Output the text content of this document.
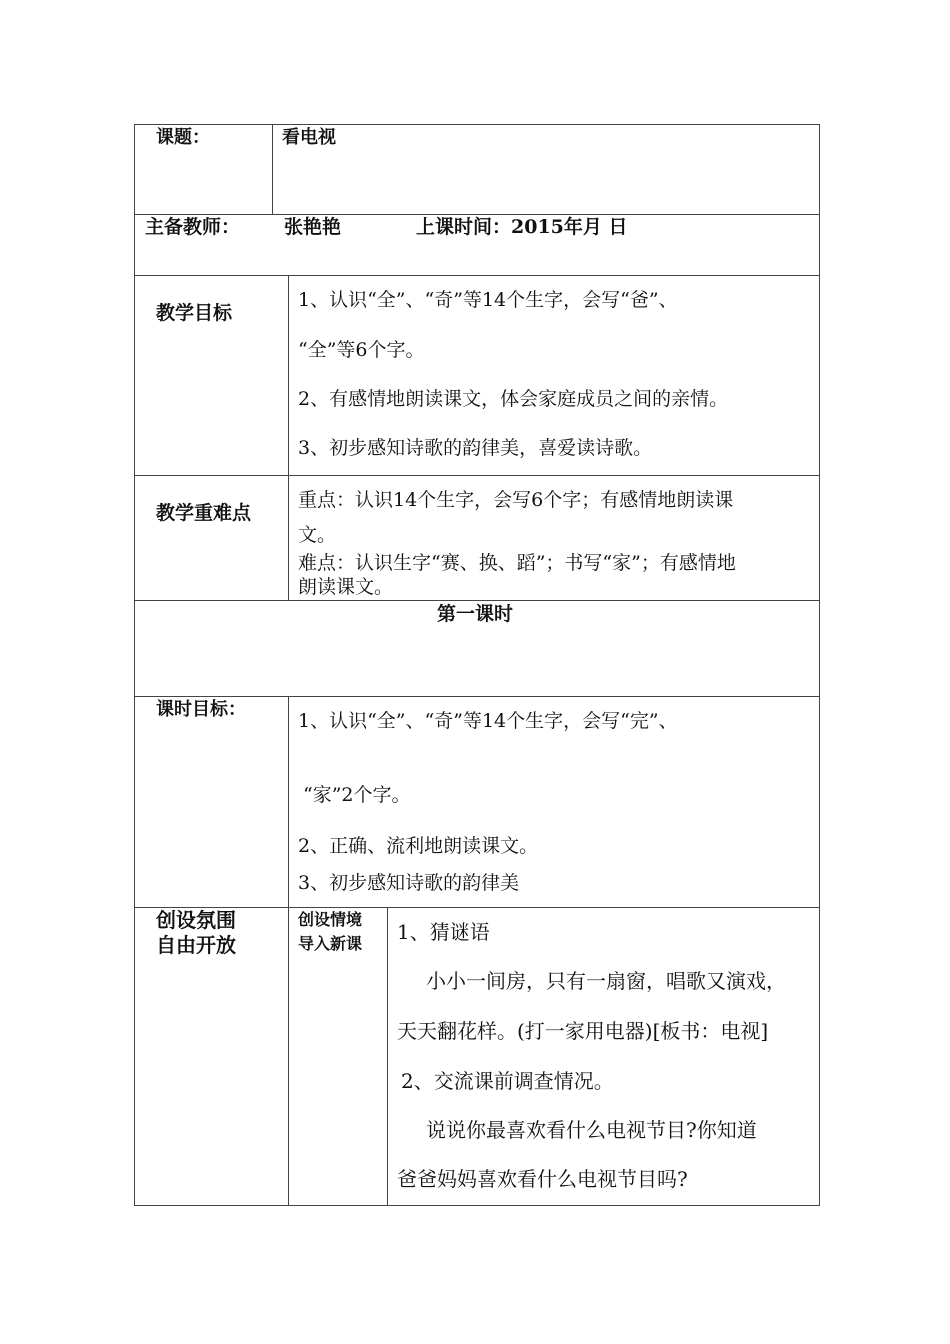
课题：	看电视
主备教师： 张艳艳	上课时间：2015年月 日
教学目标
1、认识“全”、“奇”等14个生字，会写“爸”、
“全”等6个字。
2、有感情地朗读课文，体会家庭成员之间的亲情。
3、初步感知诗歌的韵律美，喜爱读诗歌。
教学重难点
重点：认识14个生字，会写6个字；有感情地朗读课
文。
难点：认识生字“赛、换、蹈”；书写“家”；有感情地
朗读课文。
第一课时
课时目标：
1、认识“全”、“奇”等14个生字，会写“完”、
“家”2个字。
2、正确、流利地朗读课文。
3、初步感知诗歌的韵律美
创设氛围
自由开放
创设情境
导入新课 1、猜谜语
小小一间房，只有一扇窗，唱歌又演戏，
天天翻花样。(打一家用电器)[板书：电视]
2、交流课前调查情况。
说说你最喜欢看什么电视节目?你知道
爸爸妈妈喜欢看什么电视节目吗?
